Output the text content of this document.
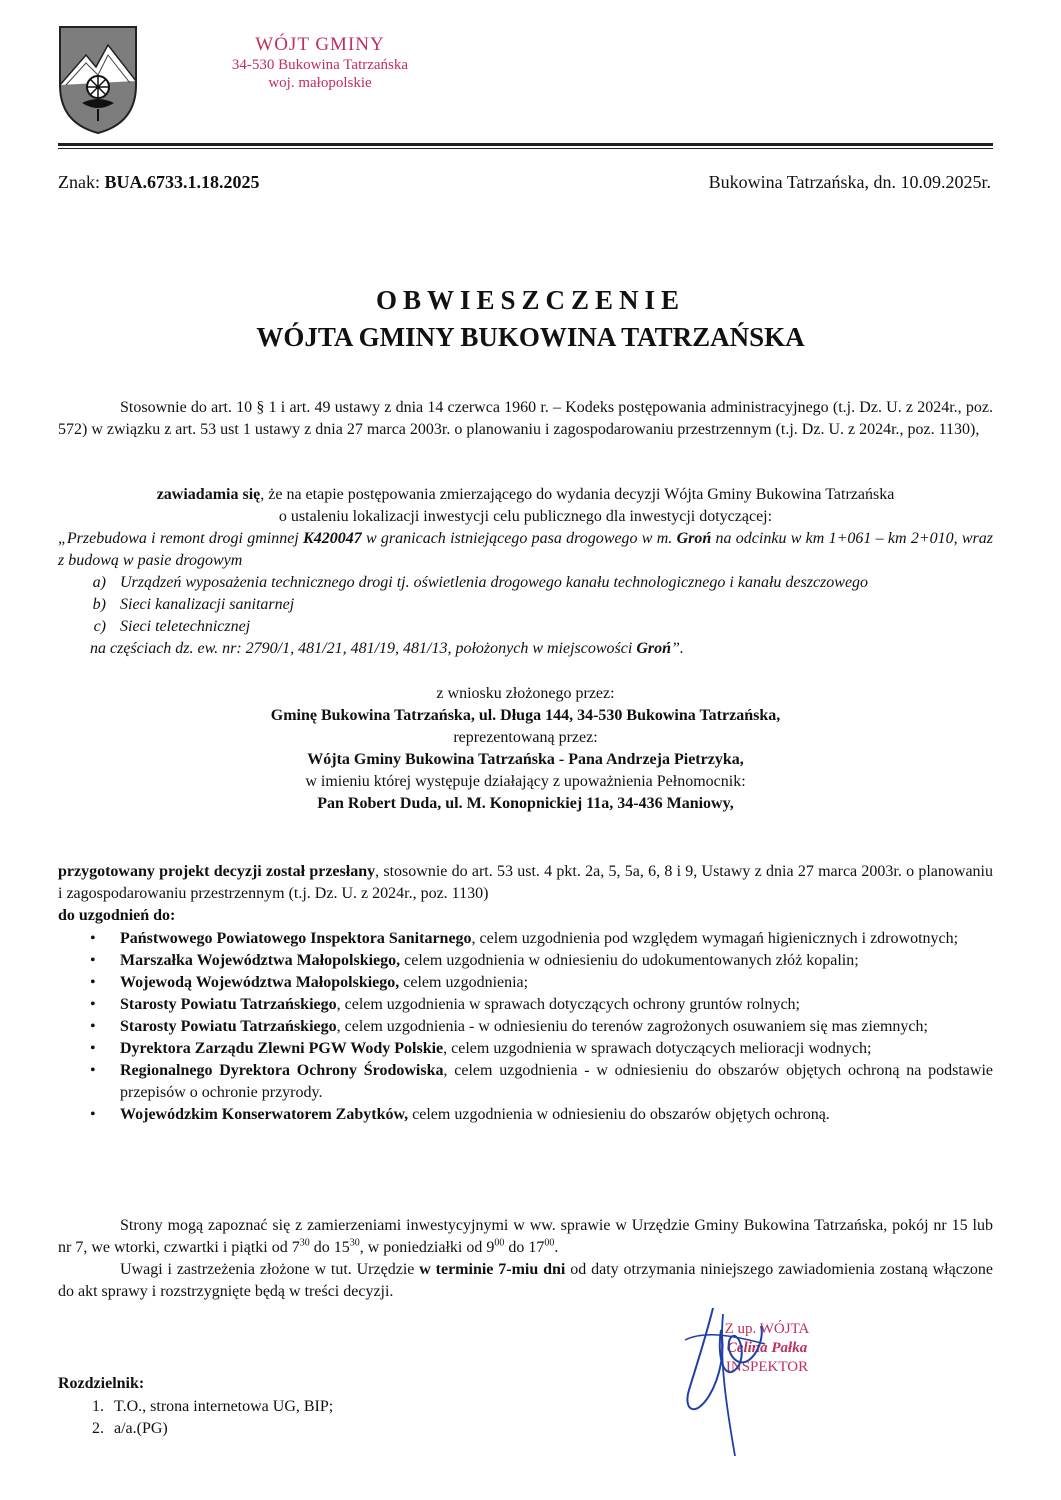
WÓJT GMINY
34-530 Bukowina Tatrzańska
woj. małopolskie
Znak: BUA.6733.1.18.2025	Bukowina Tatrzańska, dn. 10.09.2025r.
OBWIESZCZENIE
WÓJTA GMINY BUKOWINA TATRZAŃSKA
Stosownie do art. 10 § 1 i art. 49 ustawy z dnia 14 czerwca 1960 r. – Kodeks postępowania administracyjnego (t.j. Dz. U. z 2024r., poz. 572) w związku z art. 53 ust 1 ustawy z dnia 27 marca 2003r. o planowaniu i zagospodarowaniu przestrzennym (t.j. Dz. U. z 2024r., poz. 1130),
zawiadamia się, że na etapie postępowania zmierzającego do wydania decyzji Wójta Gminy Bukowina Tatrzańska
o ustaleniu lokalizacji inwestycji celu publicznego dla inwestycji dotyczącej:
„Przebudowa i remont drogi gminnej K420047 w granicach istniejącego pasa drogowego w m. Groń na odcinku w km 1+061 – km 2+010, wraz z budową w pasie drogowym
a) Urządzeń wyposażenia technicznego drogi tj. oświetlenia drogowego kanału technologicznego i kanału deszczowego
b) Sieci kanalizacji sanitarnej
c) Sieci teletechnicznej
na częściach dz. ew. nr: 2790/1, 481/21, 481/19, 481/13, położonych w miejscowości Groń”.
z wniosku złożonego przez:
Gminę Bukowina Tatrzańska, ul. Długa 144, 34-530 Bukowina Tatrzańska,
reprezentowaną przez:
Wójta Gminy Bukowina Tatrzańska - Pana Andrzeja Pietrzyka,
w imieniu której występuje działający z upoważnienia Pełnomocnik:
Pan Robert Duda, ul. M. Konopnickiej 11a, 34-436 Maniowy,
przygotowany projekt decyzji został przesłany, stosownie do art. 53 ust. 4 pkt. 2a, 5, 5a, 6, 8 i 9, Ustawy z dnia 27 marca 2003r. o planowaniu i zagospodarowaniu przestrzennym (t.j. Dz. U. z 2024r., poz. 1130)
do uzgodnień do:
• Państwowego Powiatowego Inspektora Sanitarnego, celem uzgodnienia pod względem wymagań higienicznych i zdrowotnych;
• Marszałka Województwa Małopolskiego, celem uzgodnienia w odniesieniu do udokumentowanych złóż kopalin;
• Wojewodą Województwa Małopolskiego, celem uzgodnienia;
• Starosty Powiatu Tatrzańskiego, celem uzgodnienia w sprawach dotyczących ochrony gruntów rolnych;
• Starosty Powiatu Tatrzańskiego, celem uzgodnienia - w odniesieniu do terenów zagrożonych osuwaniem się mas ziemnych;
• Dyrektora Zarządu Zlewni PGW Wody Polskie, celem uzgodnienia w sprawach dotyczących melioracji wodnych;
• Regionalnego Dyrektora Ochrony Środowiska, celem uzgodnienia - w odniesieniu do obszarów objętych ochroną na podstawie przepisów o ochronie przyrody.
• Wojewódzkim Konserwatorem Zabytków, celem uzgodnienia w odniesieniu do obszarów objętych ochroną.
Strony mogą zapoznać się z zamierzeniami inwestycyjnymi w ww. sprawie w Urzędzie Gminy Bukowina Tatrzańska, pokój nr 15 lub nr 7, we wtorki, czwartki i piątki od $7^{30}$ do $15^{30}$, w poniedziałki od $9^{00}$ do $17^{00}$.
Uwagi i zastrzeżenia złożone w tut. Urzędzie w terminie 7-miu dni od daty otrzymania niniejszego zawiadomienia zostaną włączone do akt sprawy i rozstrzygnięte będą w treści decyzji.
Z up. WÓJTA
Celina Pałka
INSPEKTOR
Rozdzielnik:
1. T.O., strona internetowa UG, BIP;
2. a/a.(PG)
